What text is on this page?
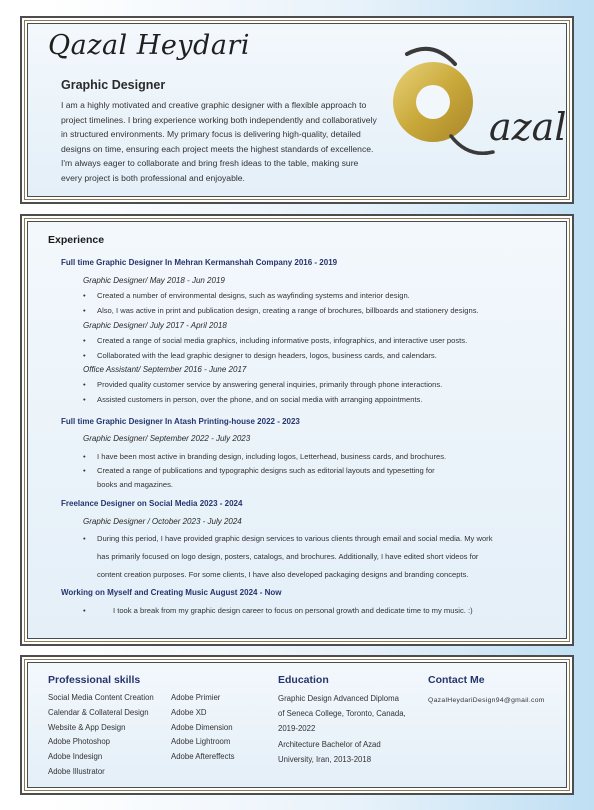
Qazal Heydari
Graphic Designer
I am a highly motivated and creative graphic designer with a flexible approach to project timelines. I bring experience working both independently and collaboratively in structured environments. My primary focus is delivering high-quality, detailed designs on time, ensuring each project meets the highest standards of excellence. I'm always eager to collaborate and bring fresh ideas to the table, making sure every project is both professional and enjoyable.
azal
Experience
Full time Graphic Designer In Mehran Kermanshah Company 2016 - 2019
Graphic Designer/ May 2018 - Jun 2019
• Created a number of environmental designs, such as wayfinding systems and interior design.
• Also, I was active in print and publication design, creating a range of brochures, billboards and stationery designs.
Graphic Designer/ July 2017 - April 2018
• Created a range of social media graphics, including informative posts, infographics, and interactive user posts.
• Collaborated with the lead graphic designer to design headers, logos, business cards, and calendars.
Office Assistant/ September 2016 - June 2017
• Provided quality customer service by answering general inquiries, primarily through phone interactions.
• Assisted customers in person, over the phone, and on social media with arranging appointments.
Full time Graphic Designer In Atash Printing-house 2022 - 2023
Graphic Designer/ September 2022 - July 2023
• I have been most active in branding design, including logos, Letterhead, business cards, and brochures.
• Created a range of publications and typographic designs such as editorial layouts and typesetting for
books and magazines.
Freelance Designer on Social Media 2023 - 2024
Graphic Designer / October 2023 - July 2024
• During this period, I have provided graphic design services to various clients through email and social media. My work
has primarily focused on logo design, posters, catalogs, and brochures. Additionally, I have edited short videos for
content creation purposes. For some clients, I have also developed packaging designs and branding concepts.
Working on Myself and Creating Music August 2024 - Now
•	I took a break from my graphic design career to focus on personal growth and dedicate time to my music. :)
Professional skills
Social Media Content Creation
Calendar & Collateral Design
Website & App Design
Adobe Photoshop
Adobe Indesign
Adobe Illustrator
Adobe Primier
Adobe XD
Adobe Dimension
Adobe Lightroom
Adobe Aftereffects
Education
Graphic Design Advanced Diploma
of Seneca College, Toronto, Canada,
2019-2022
Architecture Bachelor of Azad
University, Iran, 2013-2018
Contact Me
QazalHeydariDesign94@gmail.com
